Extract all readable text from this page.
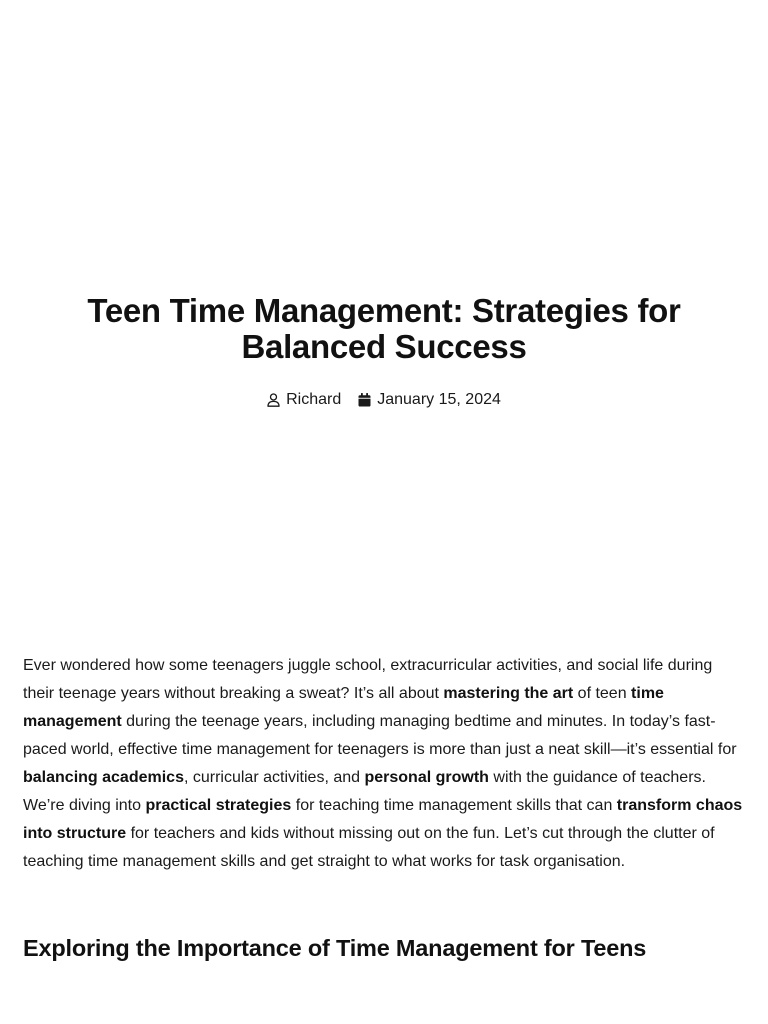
Teen Time Management: Strategies for Balanced Success
Richard January 15, 2024

Ever wondered how some teenagers juggle school, extracurricular activities, and social life during their teenage years without breaking a sweat? It’s all about mastering the art of teen time management during the teenage years, including managing bedtime and minutes. In today’s fast-paced world, effective time management for teenagers is more than just a neat skill—it’s essential for balancing academics, curricular activities, and personal growth with the guidance of teachers. We’re diving into practical strategies for teaching time management skills that can transform chaos into structure for teachers and kids without missing out on the fun. Let’s cut through the clutter of teaching time management skills and get straight to what works for task organisation.

Exploring the Importance of Time Management for Teens
